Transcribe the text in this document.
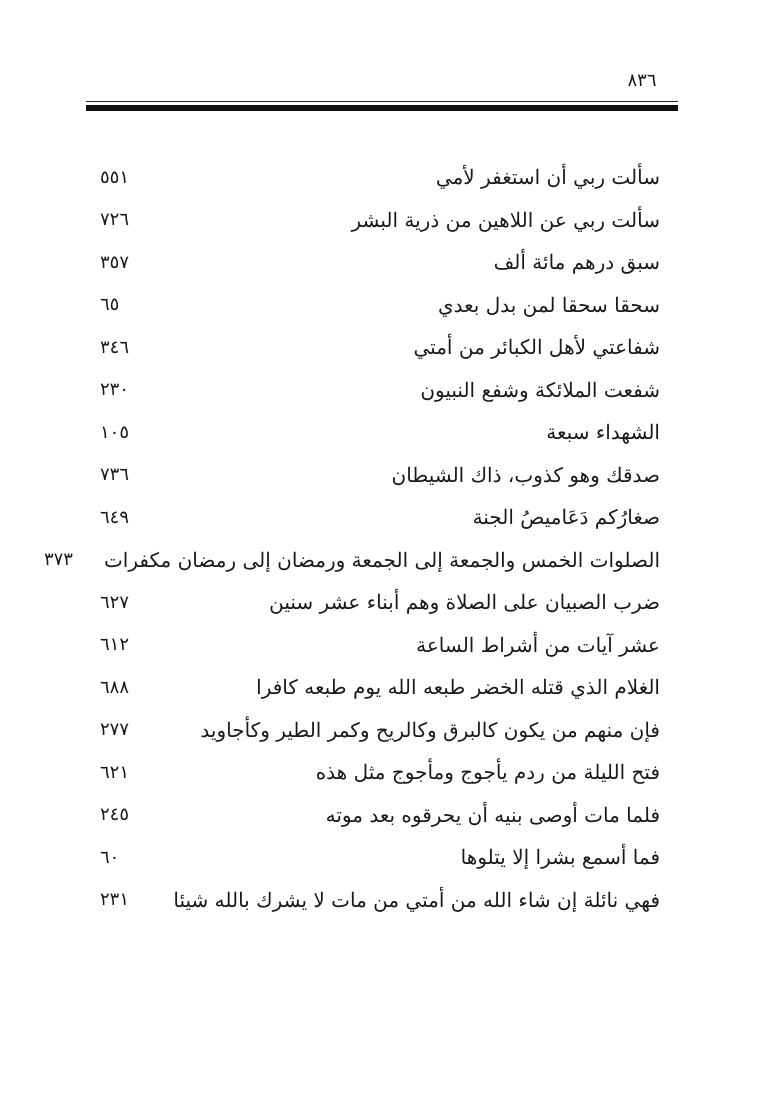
٨٣٦
سألت ربي أن استغفر لأمي
٥٥١
سألت ربي عن اللاهين من ذرية البشر
٧٢٦
سبق درهم مائة ألف
٣٥٧
سحقا سحقا لمن بدل بعدي
٦٥
شفاعتي لأهل الكبائر من أمتي
٣٤٦
شفعت الملائكة وشفع النبيون
٢٣٠
الشهداء سبعة
١٠٥
صدقك وهو كذوب، ذاك الشيطان
٧٣٦
صغارُكم دَعَاميصُ الجنة
٦٤٩
الصلوات الخمس والجمعة إلى الجمعة ورمضان إلى رمضان مكفرات
٣٧٣
ضرب الصبيان على الصلاة وهم أبناء عشر سنين
٦٢٧
عشر آيات من أشراط الساعة
٦١٢
الغلام الذي قتله الخضر طبعه الله يوم طبعه كافرا
٦٨٨
فإن منهم من يكون كالبرق وكالريح وكمر الطير وكأجاويد
٢٧٧
فتح الليلة من ردم يأجوج ومأجوج مثل هذه
٦٢١
فلما مات أوصى بنيه أن يحرقوه بعد موته
٢٤٥
فما أسمع بشرا إلا يتلوها
٦٠
فهي نائلة إن شاء الله من أمتي من مات لا يشرك بالله شيئا
٢٣١
